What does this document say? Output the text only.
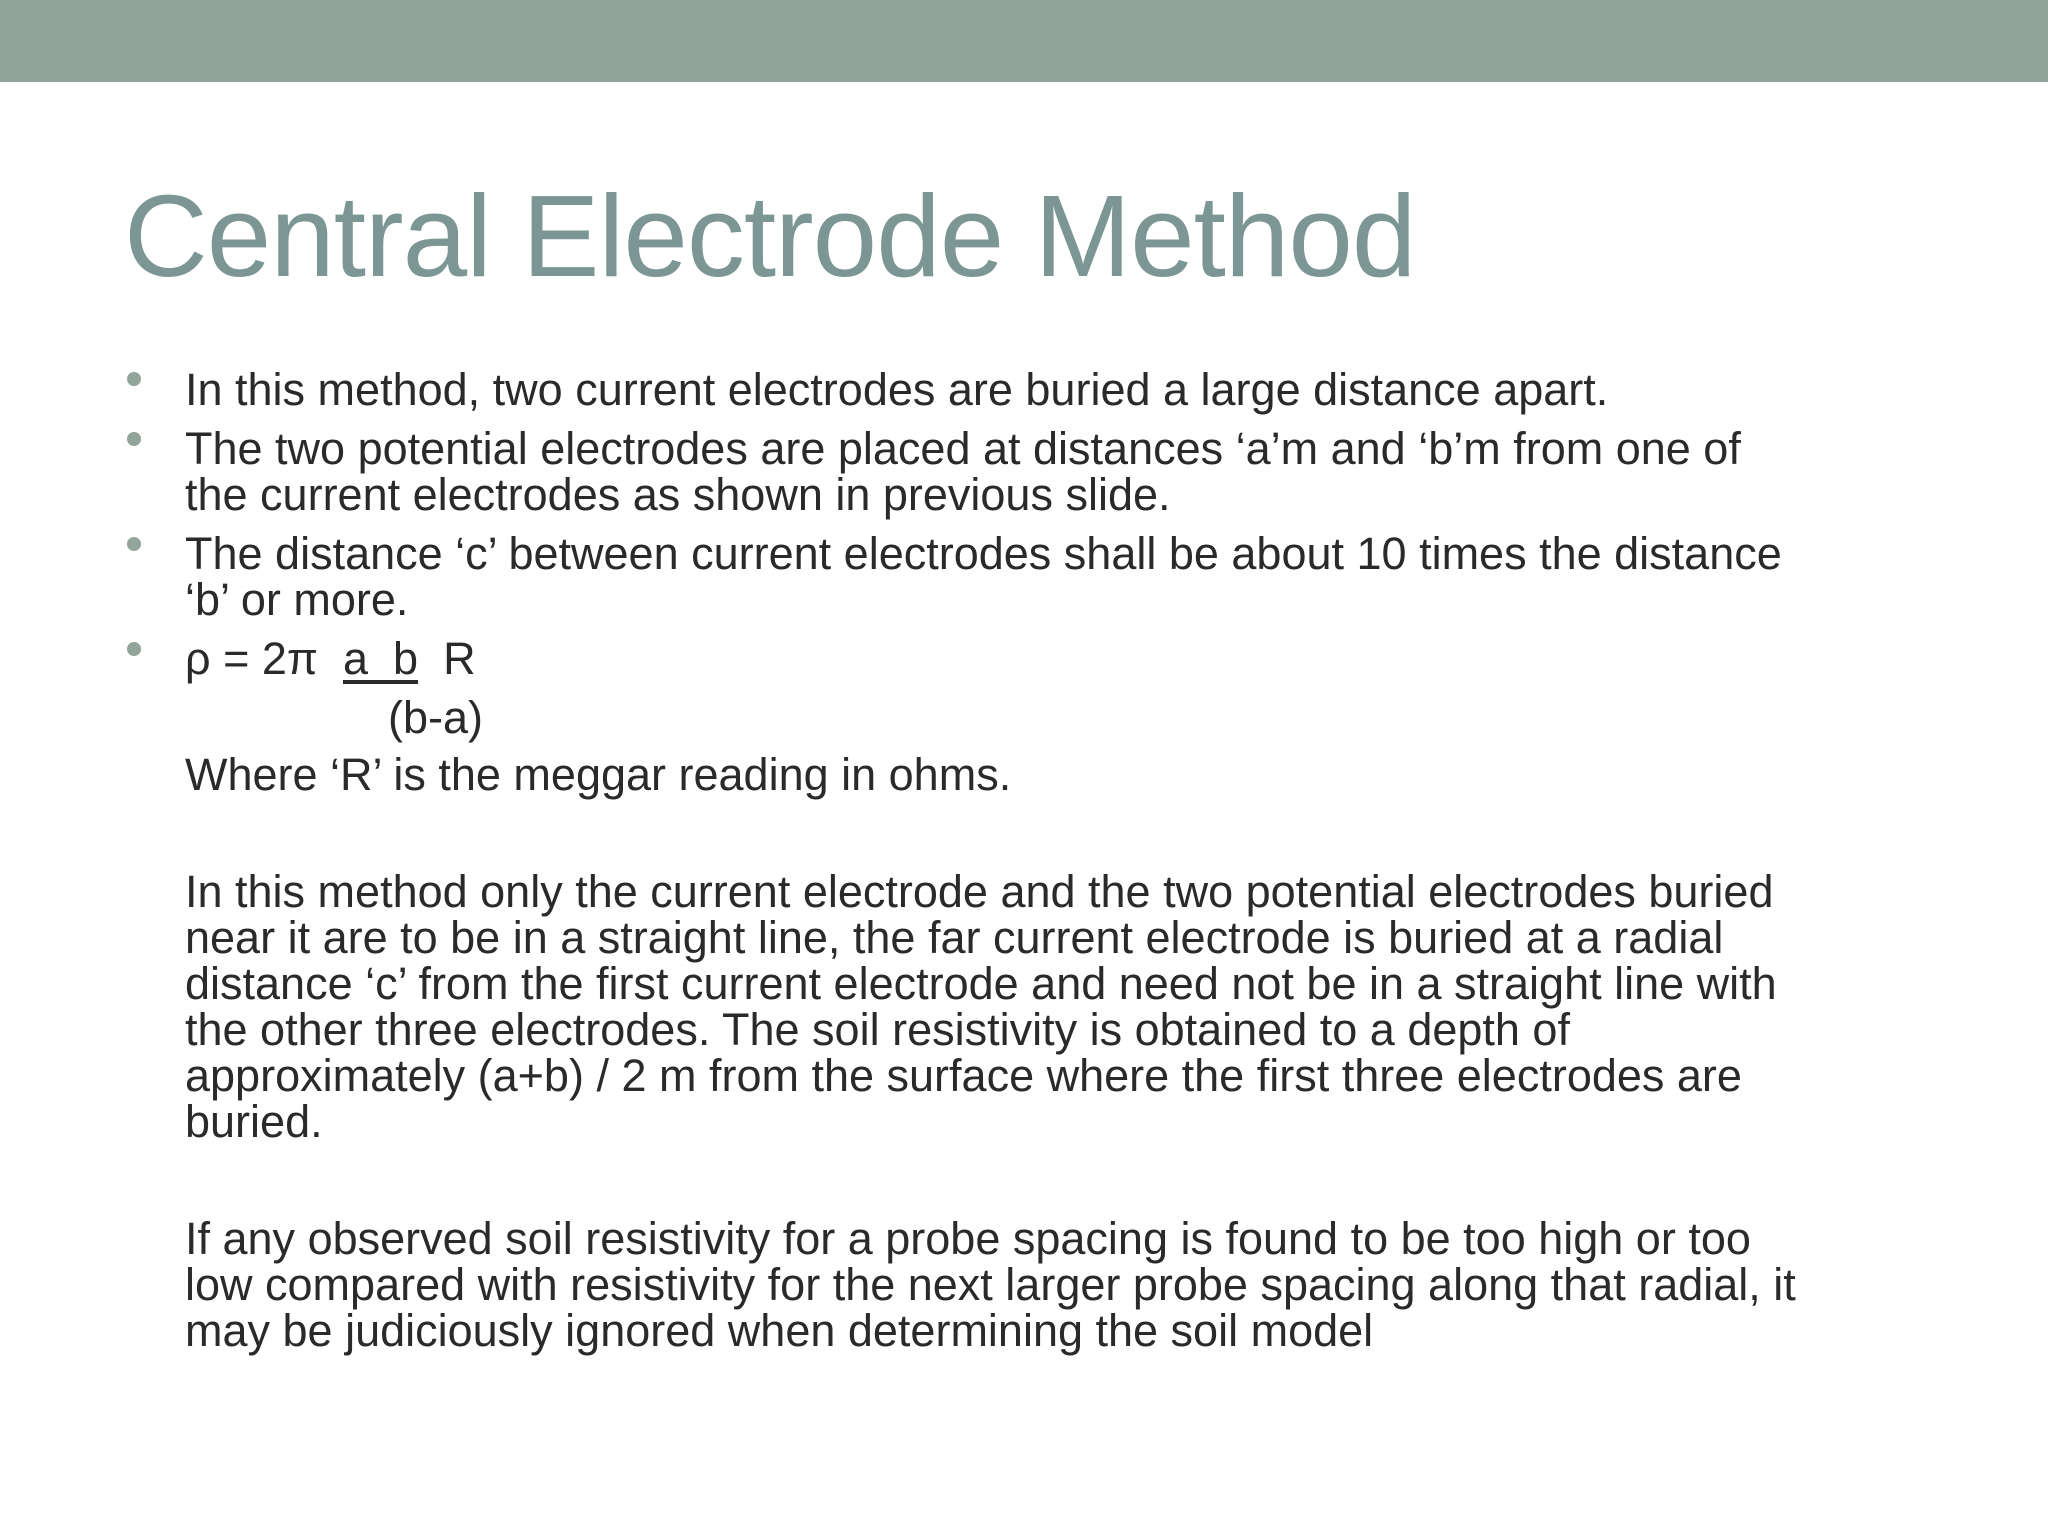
Central Electrode Method
In this method, two current electrodes are buried a large distance apart.
The two potential electrodes are placed at distances ‘a’m and ‘b’m from one of
the current electrodes as shown in previous slide.
The distance ‘c’ between current electrodes shall be about 10 times the distance
‘b’ or more.
ρ = 2π a  b R
(b-a)
Where ‘R’ is the meggar reading in ohms.
In this method only the current electrode and the two potential electrodes buried
near it are to be in a straight line, the far current electrode is buried at a radial
distance ‘c’ from the first current electrode and need not be in a straight line with
the other three electrodes. The soil resistivity is obtained to a depth of
approximately (a+b) / 2 m from the surface where the first three electrodes are
buried.
If any observed soil resistivity for a probe spacing is found to be too high or too
low compared with resistivity for the next larger probe spacing along that radial, it
may be judiciously ignored when determining the soil model
